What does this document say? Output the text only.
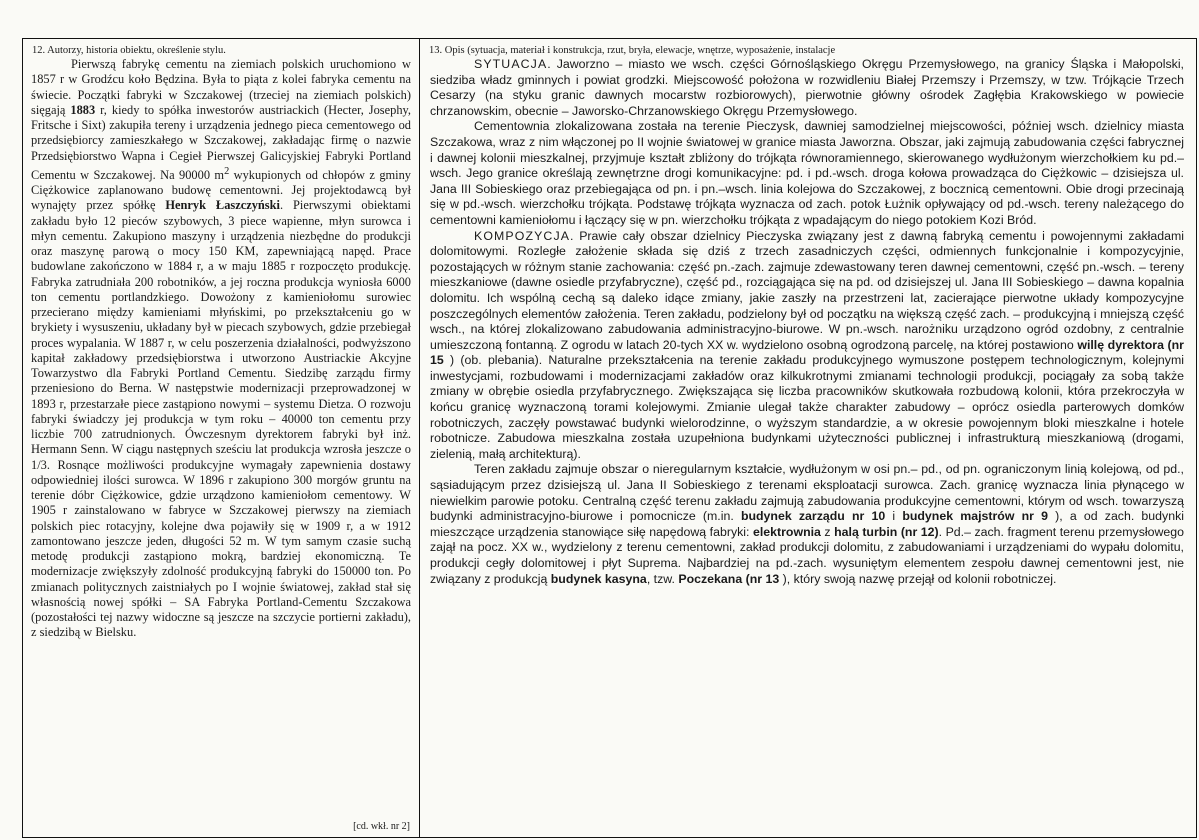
12. Autorzy, historia obiektu, określenie stylu.

Pierwszą fabrykę cementu na ziemiach polskich uruchomiono w 1857 r w Grodźcu koło Będzina. Była to piąta z kolei fabryka cementu na świecie. Początki fabryki w Szczakowej (trzeciej na ziemiach polskich) sięgają 1883 r, kiedy to spółka inwestorów austriackich (Hecter, Josephy, Fritsche i Sixt) zakupiła tereny i urządzenia jednego pieca cementowego od przedsiębiorcy zamieszkałego w Szczakowej, zakładając firmę o nazwie Przedsiębiorstwo Wapna i Cegieł Pierwszej Galicyjskiej Fabryki Portland Cementu w Szczakowej. Na 90000 $m^2$ wykupionych od chłopów z gminy Ciężkowice zaplanowano budowę cementowni. Jej projektodawcą był wynajęty przez spółkę Henryk Łaszczyński. Pierwszymi obiektami zakładu było 12 pieców szybowych, 3 piece wapienne, młyn surowca i młyn cementu. Zakupiono maszyny i urządzenia niezbędne do produkcji oraz maszynę parową o mocy 150 KM, zapewniającą napęd. Prace budowlane zakończono w 1884 r, a w maju 1885 r rozpoczęto produkcję. Fabryka zatrudniała 200 robotników, a jej roczna produkcja wyniosła 6000 ton cementu portlandzkiego. Dowożony z kamieniołomu surowiec przecierano między kamieniami młyńskimi, po przekształceniu go w brykiety i wysuszeniu, układany był w piecach szybowych, gdzie przebiegał proces wypalania. W 1887 r, w celu poszerzenia działalności, podwyższono kapitał zakładowy przedsiębiorstwa i utworzono Austriackie Akcyjne Towarzystwo dla Fabryki Portland Cementu. Siedzibę zarządu firmy przeniesiono do Berna. W następstwie modernizacji przeprowadzonej w 1893 r, przestarzałe piece zastąpiono nowymi – systemu Dietza. O rozwoju fabryki świadczy jej produkcja w tym roku – 40000 ton cementu przy liczbie 700 zatrudnionych. Ówczesnym dyrektorem fabryki był inż. Hermann Senn. W ciągu następnych sześciu lat produkcja wzrosła jeszcze o 1/3. Rosnące możliwości produkcyjne wymagały zapewnienia dostawy odpowiedniej ilości surowca. W 1896 r zakupiono 300 morgów gruntu na terenie dóbr Ciężkowice, gdzie urządzono kamieniołom cementowy. W 1905 r zainstalowano w fabryce w Szczakowej pierwszy na ziemiach polskich piec rotacyjny, kolejne dwa pojawiły się w 1909 r, a w 1912 zamontowano jeszcze jeden, długości 52 m. W tym samym czasie suchą metodę produkcji zastąpiono mokrą, bardziej ekonomiczną. Te modernizacje zwiększyły zdolność produkcyjną fabryki do 150000 ton. Po zmianach politycznych zaistniałych po I wojnie światowej, zakład stał się własnością nowej spółki – SA Fabryka Portland-Cementu Szczakowa (pozostałości tej nazwy widoczne są jeszcze na szczycie portierni zakładu), z siedzibą w Bielsku.

[cd. wkł. nr 2]
13. Opis (sytuacja, materiał i konstrukcja, rzut, bryła, elewacje, wnętrze, wyposażenie, instalacje

SYTUACJA. Jaworzno – miasto we wsch. części Górnośląskiego Okręgu Przemysłowego, na granicy Śląska i Małopolski, siedziba władz gminnych i powiat grodzki. Miejscowość położona w rozwidleniu Białej Przemszy i Przemszy, w tzw. Trójkącie Trzech Cesarzy (na styku granic dawnych mocarstw rozbiorowych), pierwotnie główny ośrodek Zagłębia Krakowskiego w powiecie chrzanowskim, obecnie – Jaworsko-Chrzanowskiego Okręgu Przemysłowego.

Cementownia zlokalizowana została na terenie Pieczysk, dawniej samodzielnej miejscowości, później wsch. dzielnicy miasta Szczakowa, wraz z nim włączonej po II wojnie światowej w granice miasta Jaworzna. Obszar, jaki zajmują zabudowania części fabrycznej i dawnej kolonii mieszkalnej, przyjmuje kształt zbliżony do trójkąta równoramiennego, skierowanego wydłużonym wierzchołkiem ku pd.–wsch. Jego granice określają zewnętrzne drogi komunikacyjne: pd. i pd.-wsch. droga kołowa prowadząca do Ciężkowic – dzisiejsza ul. Jana III Sobieskiego oraz przebiegająca od pn. i pn.–wsch. linia kolejowa do Szczakowej, z bocznicą cementowni. Obie drogi przecinają się w pd.-wsch. wierzchołku trójkąta. Podstawę trójkąta wyznacza od zach. potok Łużnik opływający od pd.-wsch. tereny należącego do cementowni kamieniołomu i łączący się w pn. wierzchołku trójkąta z wpadającym do niego potokiem Kozi Bród.

KOMPOZYCJA. Prawie cały obszar dzielnicy Pieczyska związany jest z dawną fabryką cementu i powojennymi zakładami dolomitowymi. Rozległe założenie składa się dziś z trzech zasadniczych części, odmiennych funkcjonalnie i kompozycyjnie, pozostających w różnym stanie zachowania: część pn.-zach. zajmuje zdewastowany teren dawnej cementowni, część pn.-wsch. – tereny mieszkaniowe (dawne osiedle przyfabryczne), część pd., rozciągająca się na pd. od dzisiejszej ul. Jana III Sobieskiego – dawna kopalnia dolomitu. Ich wspólną cechą są daleko idące zmiany, jakie zaszły na przestrzeni lat, zacierające pierwotne układy kompozycyjne poszczególnych elementów założenia. Teren zakładu, podzielony był od początku na większą część zach. – produkcyjną i mniejszą część wsch., na której zlokalizowano zabudowania administracyjno-biurowe. W pn.-wsch. narożniku urządzono ogród ozdobny, z centralnie umieszczoną fontanną. Z ogrodu w latach 20-tych XX w. wydzielono osobną ogrodzoną parcelę, na której postawiono willę dyrektora (nr 15 ) (ob. plebania). Naturalne przekształcenia na terenie zakładu produkcyjnego wymuszone postępem technologicznym, kolejnymi inwestycjami, rozbudowami i modernizacjami zakładów oraz kilkukrotnymi zmianami technologii produkcji, pociągały za sobą także zmiany w obrębie osiedla przyfabrycznego. Zwiększająca się liczba pracowników skutkowała rozbudową kolonii, która przekroczyła w końcu granicę wyznaczoną torami kolejowymi. Zmianie ulegał także charakter zabudowy – oprócz osiedla parterowych domków robotniczych, zaczęły powstawać budynki wielorodzinne, o wyższym standardzie, a w okresie powojennym bloki mieszkalne i hotele robotnicze. Zabudowa mieszkalna została uzupełniona budynkami użyteczności publicznej i infrastrukturą mieszkaniową (drogami, zielenią, małą architekturą).

Teren zakładu zajmuje obszar o nieregularnym kształcie, wydłużonym w osi pn.– pd., od pn. ograniczonym linią kolejową, od pd., sąsiadującym przez dzisiejszą ul. Jana II Sobieskiego z terenami eksploatacji surowca. Zach. granicę wyznacza linia płynącego w niewielkim parowie potoku. Centralną część terenu zakładu zajmują zabudowania produkcyjne cementowni, którym od wsch. towarzyszą budynki administracyjno-biurowe i pomocnicze (m.in. budynek zarządu nr 10 i budynek majstrów nr 9 ), a od zach. budynki mieszczące urządzenia stanowiące siłę napędową fabryki: elektrownia z halą turbin (nr 12). Pd.– zach. fragment terenu przemysłowego zajął na pocz. XX w., wydzielony z terenu cementowni, zakład produkcji dolomitu, z zabudowaniami i urządzeniami do wypału dolomitu, produkcji cegły dolomitowej i płyt Suprema. Najbardziej na pd.-zach. wysuniętym elementem zespołu dawnej cementowni jest, nie związany z produkcją budynek kasyna, tzw. Poczekana (nr 13 ), który swoją nazwę przejął od kolonii robotniczej.
